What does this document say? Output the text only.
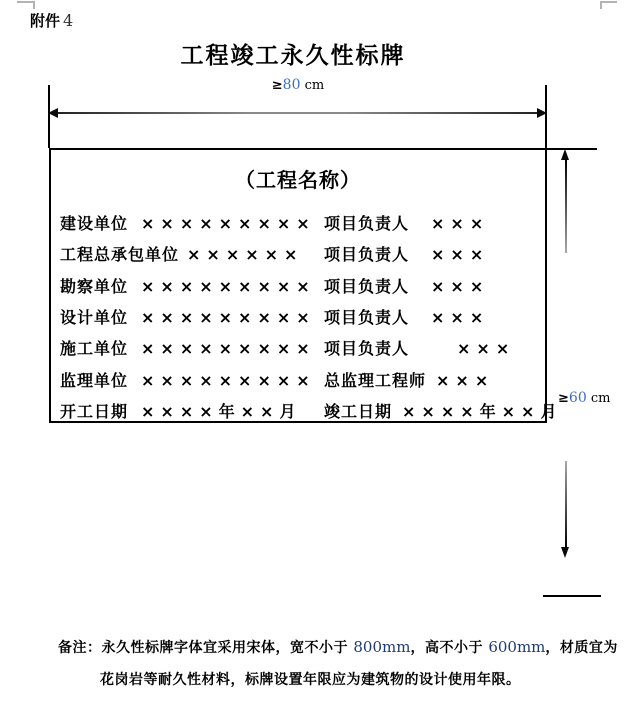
附件 4
工程竣工永久性标牌
≥80 cm
（工程名称）
建设单位 ××××××××× 项目负责人 ×××
工程总承包单位 ×××××× 项目负责人 ×××
勘察单位 ××××××××× 项目负责人 ×××
设计单位 ××××××××× 项目负责人 ×××
施工单位 ××××××××× 项目负责人	×××
监理单位 ××××××××× 总监理工程师 ×××
开工日期 ××××年××月 竣工日期 ××××年××月
≥60 cm
备注：永久性标牌字体宜采用宋体，宽不小于 800mm，高不小于 600mm，材质宜为
花岗岩等耐久性材料，标牌设置年限应为建筑物的设计使用年限。
